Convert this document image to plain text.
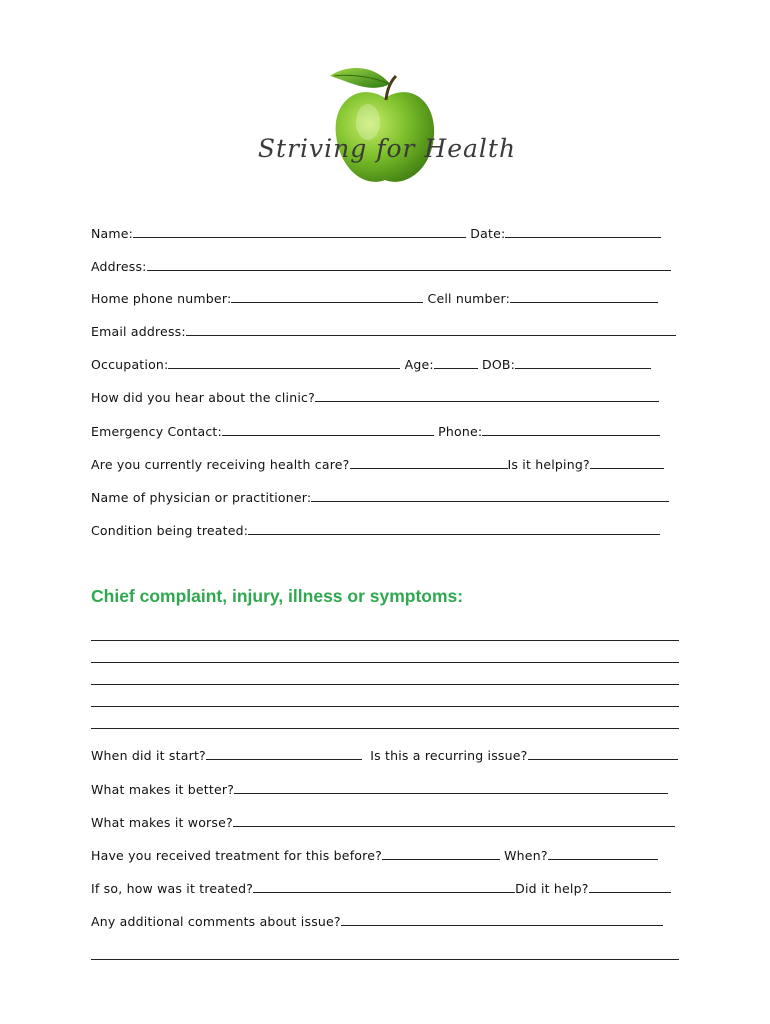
Striving for Health
Name:	Date:
Address:
Home phone number:	Cell number:
Email address:
Occupation:	Age:	DOB:
How did you hear about the clinic?
Emergency Contact:	Phone:
Are you currently receiving health care?	Is it helping?
Name of physician or practitioner:
Condition being treated:
Chief complaint, injury, illness or symptoms:
When did it start?	Is this a recurring issue?
What makes it better?
What makes it worse?
Have you received treatment for this before?	When?
If so, how was it treated?	Did it help?
Any additional comments about issue?
